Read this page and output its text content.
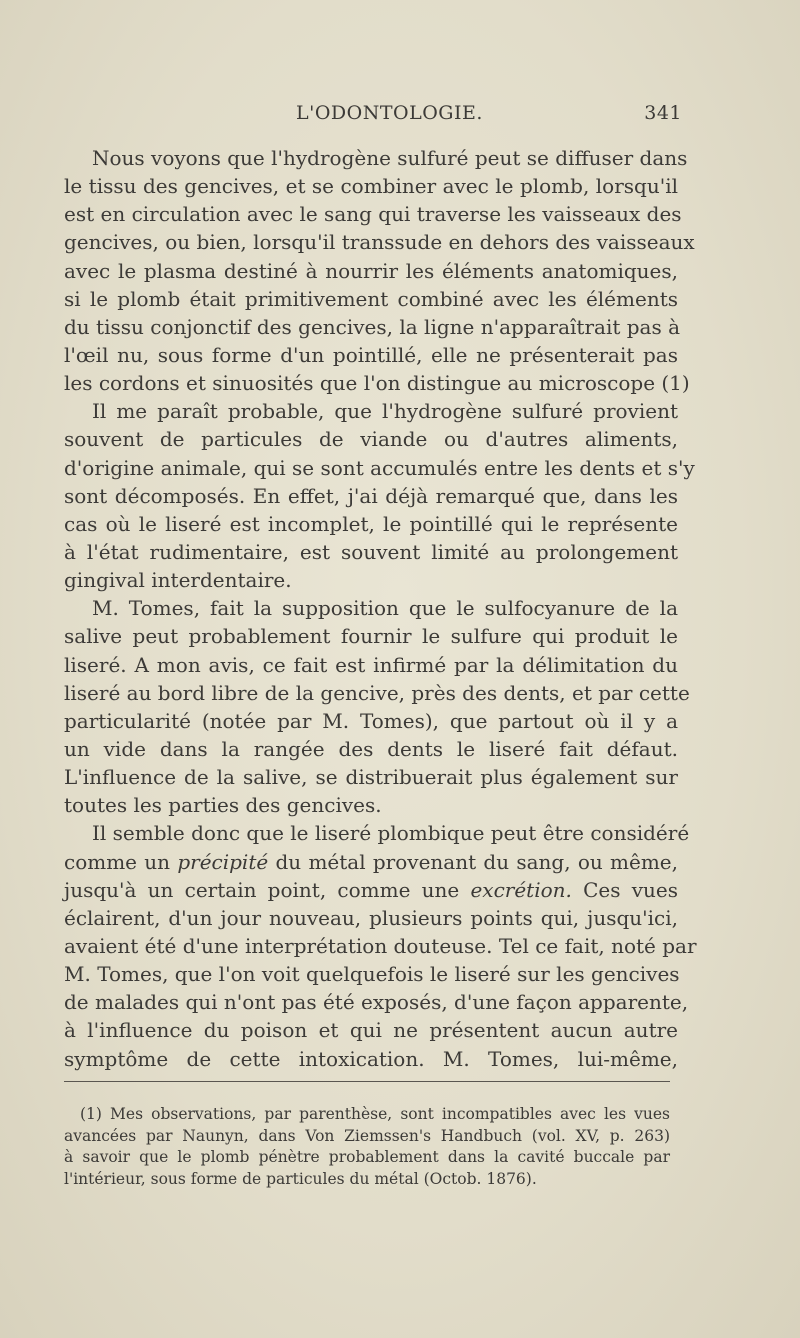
L'ODONTOLOGIE.	341
Nous voyons que l'hydrogène sulfuré peut se diffuser dans
le tissu des gencives, et se combiner avec le plomb, lorsqu'il
est en circulation avec le sang qui traverse les vaisseaux des
gencives, ou bien, lorsqu'il transsude en dehors des vaisseaux
avec le plasma destiné à nourrir les éléments anatomiques,
si le plomb était primitivement combiné avec les éléments
du tissu conjonctif des gencives, la ligne n'apparaîtrait pas à
l'œil nu, sous forme d'un pointillé, elle ne présenterait pas
les cordons et sinuosités que l'on distingue au microscope (1)
Il me paraît probable, que l'hydrogène sulfuré provient
souvent de particules de viande ou d'autres aliments,
d'origine animale, qui se sont accumulés entre les dents et s'y
sont décomposés. En effet, j'ai déjà remarqué que, dans les
cas où le liseré est incomplet, le pointillé qui le représente
à l'état rudimentaire, est souvent limité au prolongement
gingival interdentaire.
M. Tomes, fait la supposition que le sulfocyanure de la
salive peut probablement fournir le sulfure qui produit le
liseré. A mon avis, ce fait est infirmé par la délimitation du
liseré au bord libre de la gencive, près des dents, et par cette
particularité (notée par M. Tomes), que partout où il y a
un vide dans la rangée des dents le liseré fait défaut.
L'influence de la salive, se distribuerait plus également sur
toutes les parties des gencives.
Il semble donc que le liseré plombique peut être considéré
comme un précipité du métal provenant du sang, ou même,
jusqu'à un certain point, comme une excrétion. Ces vues
éclairent, d'un jour nouveau, plusieurs points qui, jusqu'ici,
avaient été d'une interprétation douteuse. Tel ce fait, noté par
M. Tomes, que l'on voit quelquefois le liseré sur les gencives
de malades qui n'ont pas été exposés, d'une façon apparente,
à l'influence du poison et qui ne présentent aucun autre
symptôme de cette intoxication. M. Tomes, lui-même,
(1) Mes observations, par parenthèse, sont incompatibles avec les vues
avancées par Naunyn, dans Von Ziemssen's Handbuch (vol. XV, p. 263)
à savoir que le plomb pénètre probablement dans la cavité buccale par
l'intérieur, sous forme de particules du métal (Octob. 1876).
